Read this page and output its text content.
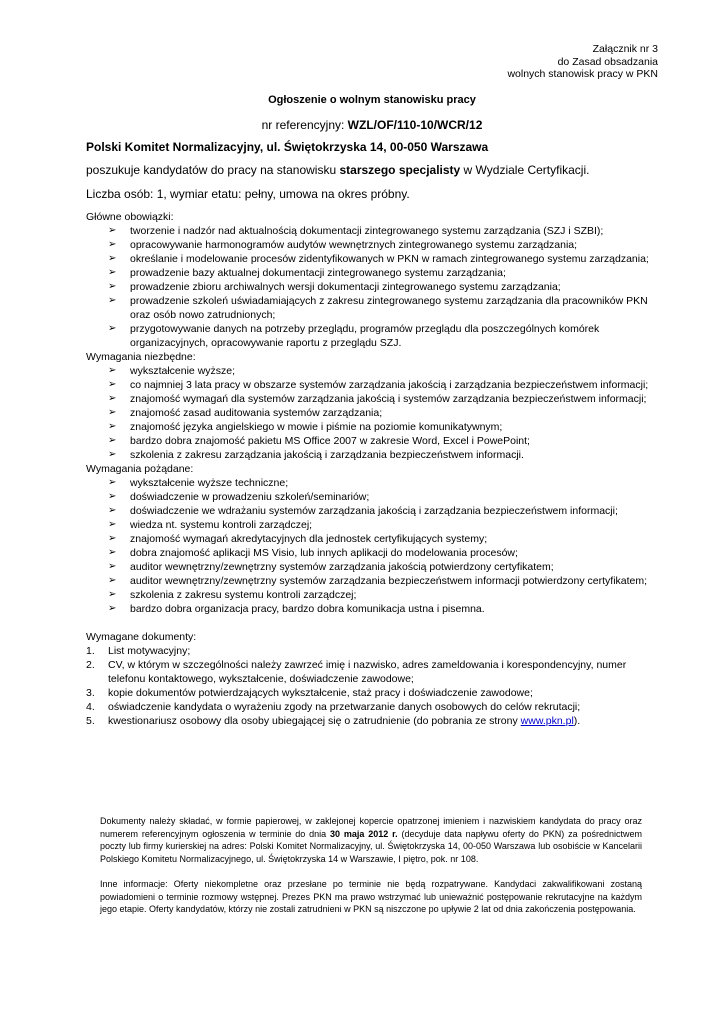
Załącznik nr 3
do Zasad obsadzania
wolnych stanowisk pracy w PKN
Ogłoszenie o wolnym stanowisku pracy
nr referencyjny: WZL/OF/110-10/WCR/12
Polski Komitet Normalizacyjny, ul. Świętokrzyska 14, 00-050 Warszawa
poszukuje kandydatów do pracy na stanowisku starszego specjalisty w Wydziale Certyfikacji.
Liczba osób: 1, wymiar etatu: pełny, umowa na okres próbny.
Główne obowiązki:
➢ tworzenie i nadzór nad aktualnością dokumentacji zintegrowanego systemu zarządzania (SZJ i SZBI);
➢ opracowywanie harmonogramów audytów wewnętrznych zintegrowanego systemu zarządzania;
➢ określanie i modelowanie procesów zidentyfikowanych w PKN w ramach zintegrowanego systemu zarządzania;
➢ prowadzenie bazy aktualnej dokumentacji zintegrowanego systemu zarządzania;
➢ prowadzenie zbioru archiwalnych wersji dokumentacji zintegrowanego systemu zarządzania;
➢ prowadzenie szkoleń uświadamiających z zakresu zintegrowanego systemu zarządzania dla pracowników PKN oraz osób nowo zatrudnionych;
➢ przygotowywanie danych na potrzeby przeglądu, programów przeglądu dla poszczególnych komórek organizacyjnych, opracowywanie raportu z przeglądu SZJ.
Wymagania niezbędne:
➢ wykształcenie wyższe;
➢ co najmniej 3 lata pracy w obszarze systemów zarządzania jakością i zarządzania bezpieczeństwem informacji;
➢ znajomość wymagań dla systemów zarządzania jakością i systemów zarządzania bezpieczeństwem informacji;
➢ znajomość zasad auditowania systemów zarządzania;
➢ znajomość języka angielskiego w mowie i piśmie na poziomie komunikatywnym;
➢ bardzo dobra znajomość pakietu MS Office 2007 w zakresie Word, Excel i PowePoint;
➢ szkolenia z zakresu zarządzania jakością i zarządzania bezpieczeństwem informacji.
Wymagania pożądane:
➢ wykształcenie wyższe techniczne;
➢ doświadczenie w prowadzeniu szkoleń/seminariów;
➢ doświadczenie we wdrażaniu systemów zarządzania jakością i zarządzania bezpieczeństwem informacji;
➢ wiedza nt. systemu kontroli zarządczej;
➢ znajomość wymagań akredytacyjnych dla jednostek certyfikujących systemy;
➢ dobra znajomość aplikacji MS Visio, lub innych aplikacji do modelowania procesów;
➢ auditor wewnętrzny/zewnętrzny systemów zarządzania jakością potwierdzony certyfikatem;
➢ auditor wewnętrzny/zewnętrzny systemów zarządzania bezpieczeństwem informacji potwierdzony certyfikatem;
➢ szkolenia z zakresu systemu kontroli zarządczej;
➢ bardzo dobra organizacja pracy, bardzo dobra komunikacja ustna i pisemna.
Wymagane dokumenty:
1. List motywacyjny;
2. CV, w którym w szczególności należy zawrzeć imię i nazwisko, adres zameldowania i korespondencyjny, numer telefonu kontaktowego, wykształcenie, doświadczenie zawodowe;
3. kopie dokumentów potwierdzających wykształcenie, staż pracy i doświadczenie zawodowe;
4. oświadczenie kandydata o wyrażeniu zgody na przetwarzanie danych osobowych do celów rekrutacji;
5. kwestionariusz osobowy dla osoby ubiegającej się o zatrudnienie (do pobrania ze strony www.pkn.pl).
Dokumenty należy składać, w formie papierowej, w zaklejonej kopercie opatrzonej imieniem i nazwiskiem kandydata do pracy oraz numerem referencyjnym ogłoszenia w terminie do dnia 30 maja 2012 r. (decyduje data napływu oferty do PKN) za pośrednictwem poczty lub firmy kurierskiej na adres: Polski Komitet Normalizacyjny, ul. Świętokrzyska 14, 00-050 Warszawa lub osobiście w Kancelarii Polskiego Komitetu Normalizacyjnego, ul. Świętokrzyska 14 w Warszawie, I piętro, pok. nr 108.
Inne informacje: Oferty niekompletne oraz przesłane po terminie nie będą rozpatrywane. Kandydaci zakwalifikowani zostaną powiadomieni o terminie rozmowy wstępnej. Prezes PKN ma prawo wstrzymać lub unieważnić postępowanie rekrutacyjne na każdym jego etapie. Oferty kandydatów, którzy nie zostali zatrudnieni w PKN są niszczone po upływie 2 lat od dnia zakończenia postępowania.
